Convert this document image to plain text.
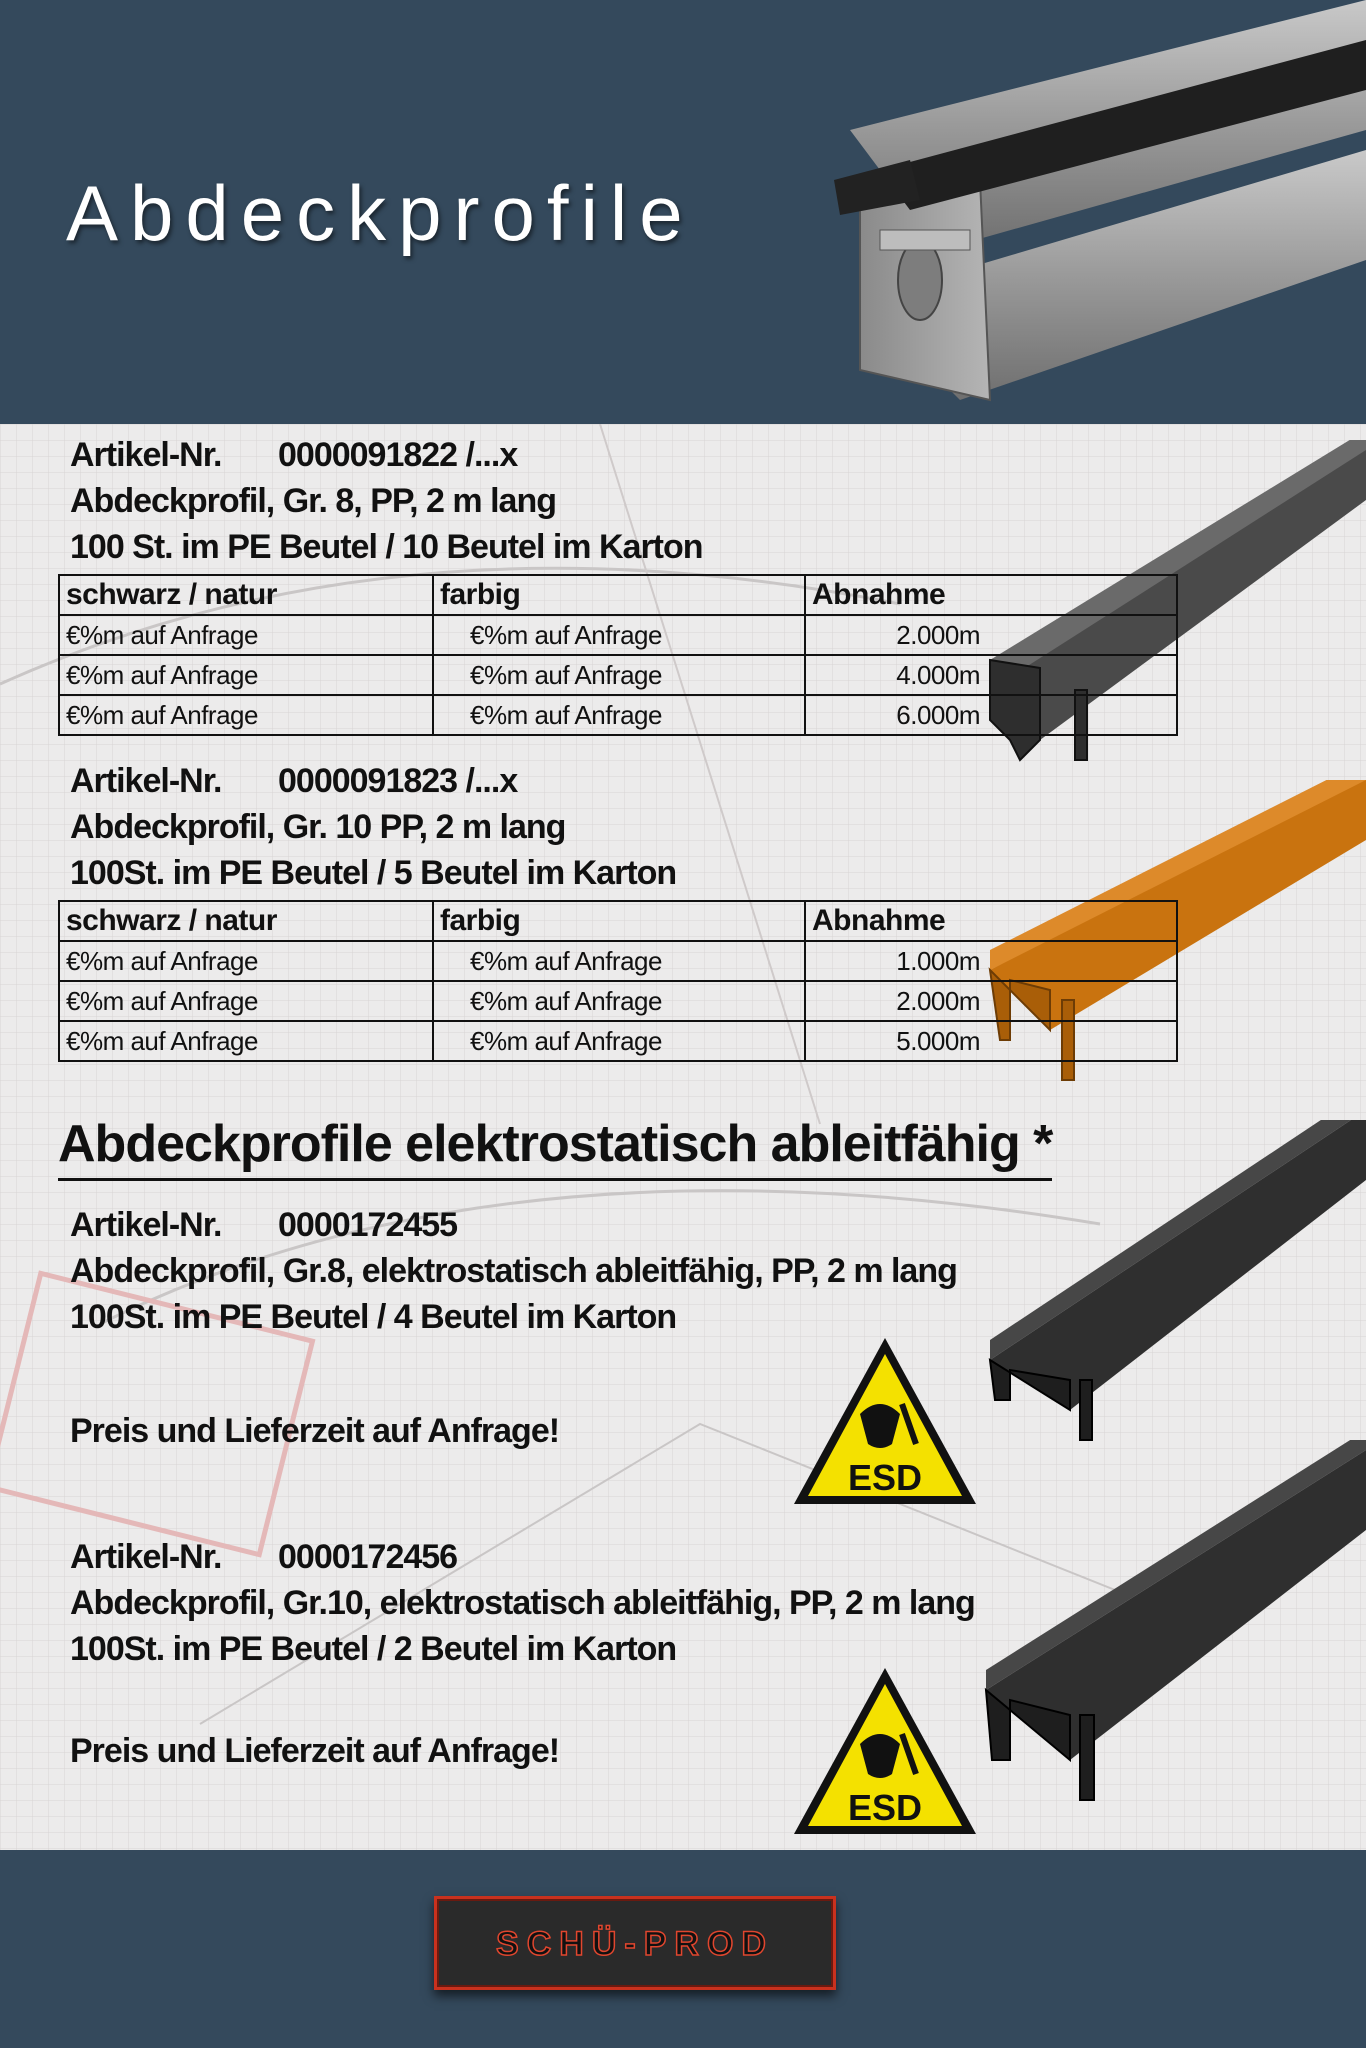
Abdeckprofile
Artikel-Nr. 0000091822 /...x
Abdeckprofil, Gr. 8, PP, 2 m lang
100 St. im PE Beutel / 10 Beutel im Karton
schwarz / natur	farbig	Abnahme
€%m auf Anfrage	€%m auf Anfrage	2.000m
€%m auf Anfrage	€%m auf Anfrage	4.000m
€%m auf Anfrage	€%m auf Anfrage	6.000m
Artikel-Nr. 0000091823 /...x
Abdeckprofil, Gr. 10 PP, 2 m lang
100St. im PE Beutel / 5 Beutel im Karton
schwarz / natur	farbig	Abnahme
€%m auf Anfrage	€%m auf Anfrage	1.000m
€%m auf Anfrage	€%m auf Anfrage	2.000m
€%m auf Anfrage	€%m auf Anfrage	5.000m
Abdeckprofile elektrostatisch ableitfähig *
Artikel-Nr. 0000172455
Abdeckprofil, Gr.8, elektrostatisch ableitfähig, PP, 2 m lang
100St. im PE Beutel / 4 Beutel im Karton
Preis und Lieferzeit auf Anfrage!
ESD
Artikel-Nr. 0000172456
Abdeckprofil, Gr.10, elektrostatisch ableitfähig, PP, 2 m lang
100St. im PE Beutel / 2 Beutel im Karton
Preis und Lieferzeit auf Anfrage!
ESD
SCHÜ-PROD
